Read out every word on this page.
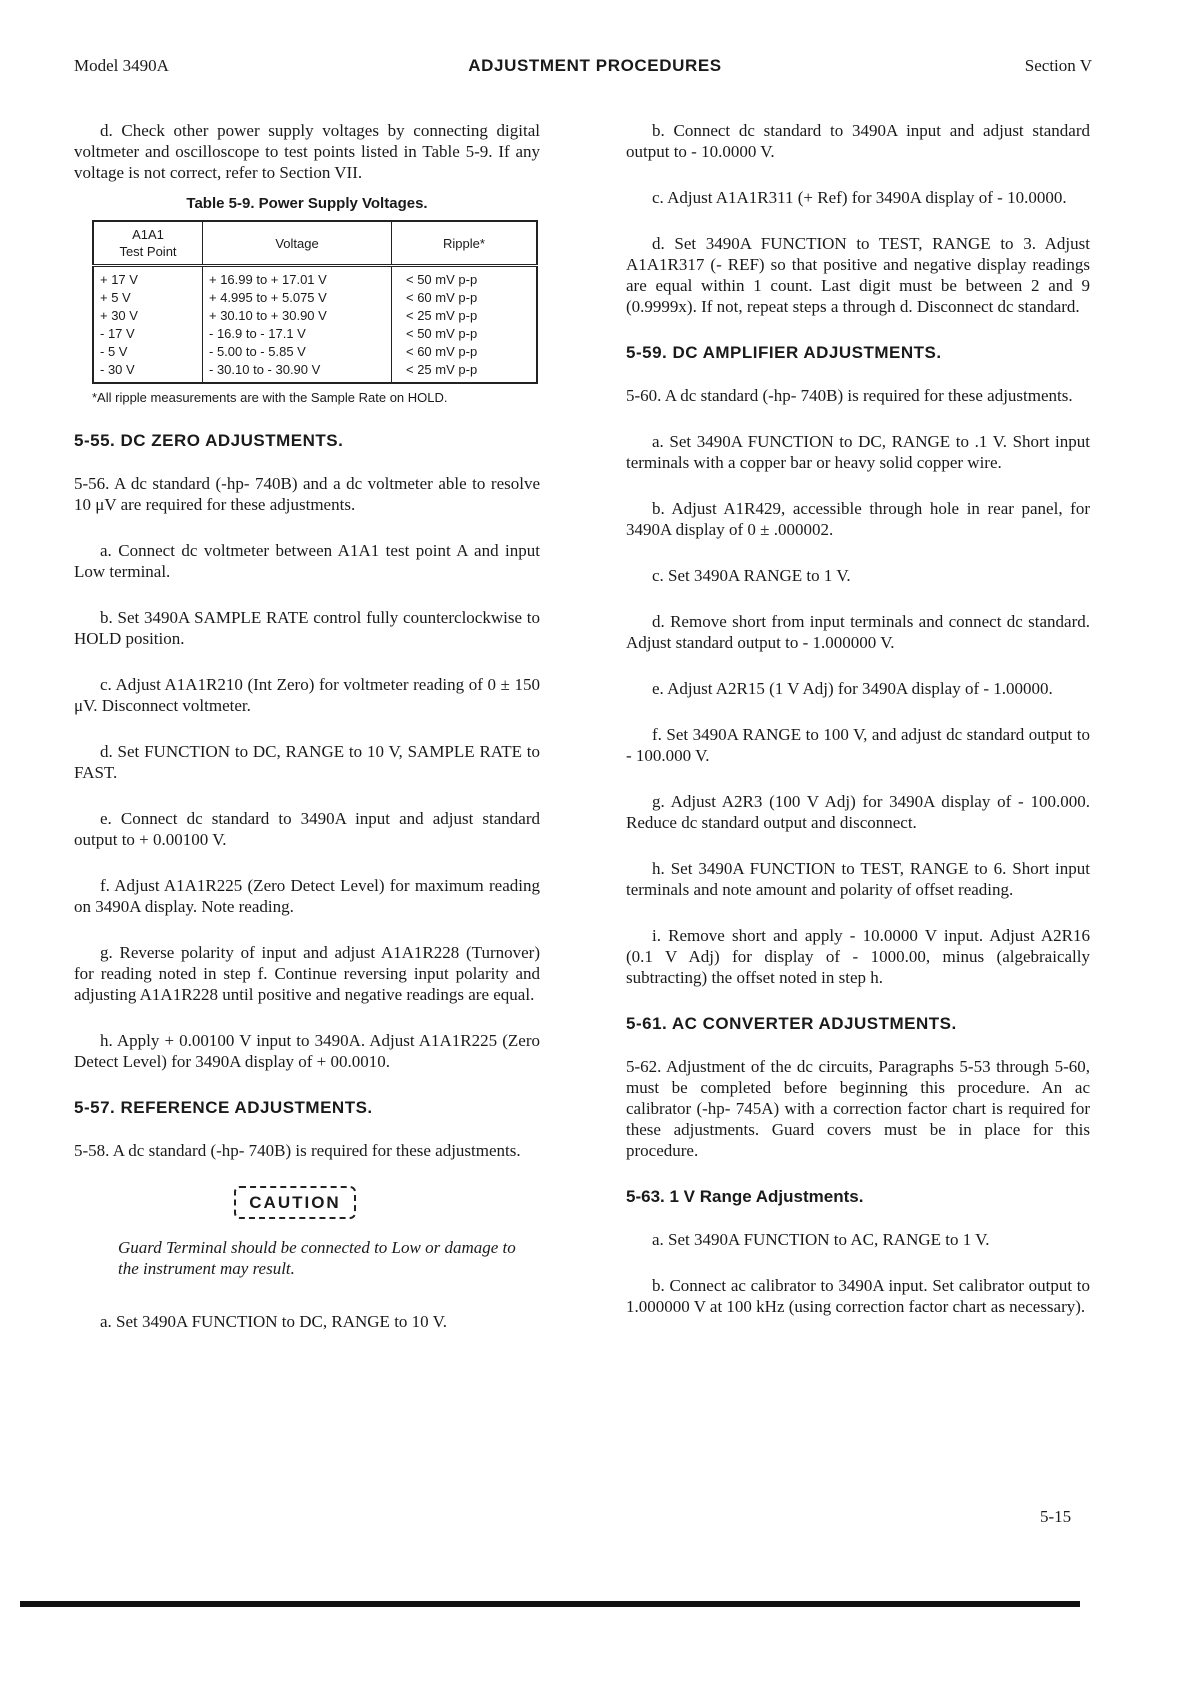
Model 3490A	ADJUSTMENT PROCEDURES	Section V
d. Check other power supply voltages by connecting digital voltmeter and oscilloscope to test points listed in Table 5-9. If any voltage is not correct, refer to Section VII.
Table 5-9. Power Supply Voltages.
A1A1
Test Point	Voltage	Ripple*
+ 17 V	+ 16.99 to + 17.01 V	< 50 mV p-p
+ 5 V	+ 4.995 to + 5.075 V	< 60 mV p-p
+ 30 V	+ 30.10 to + 30.90 V	< 25 mV p-p
- 17 V	- 16.9 to - 17.1 V	< 50 mV p-p
- 5 V	- 5.00 to - 5.85 V	< 60 mV p-p
- 30 V	- 30.10 to - 30.90 V	< 25 mV p-p
*All ripple measurements are with the Sample Rate on HOLD.
5-55. DC ZERO ADJUSTMENTS.
5-56. A dc standard (-hp- 740B) and a dc voltmeter able to resolve 10 μV are required for these adjustments.
a. Connect dc voltmeter between A1A1 test point A and input Low terminal.
b. Set 3490A SAMPLE RATE control fully counterclockwise to HOLD position.
c. Adjust A1A1R210 (Int Zero) for voltmeter reading of 0 ± 150 μV. Disconnect voltmeter.
d. Set FUNCTION to DC, RANGE to 10 V, SAMPLE RATE to FAST.
e. Connect dc standard to 3490A input and adjust standard output to + 0.00100 V.
f. Adjust A1A1R225 (Zero Detect Level) for maximum reading on 3490A display. Note reading.
g. Reverse polarity of input and adjust A1A1R228 (Turnover) for reading noted in step f. Continue reversing input polarity and adjusting A1A1R228 until positive and negative readings are equal.
h. Apply + 0.00100 V input to 3490A. Adjust A1A1R225 (Zero Detect Level) for 3490A display of + 00.0010.
5-57. REFERENCE ADJUSTMENTS.
5-58. A dc standard (-hp- 740B) is required for these adjustments.
CAUTION
Guard Terminal should be connected to Low or damage to the instrument may result.
a. Set 3490A FUNCTION to DC, RANGE to 10 V.
b. Connect dc standard to 3490A input and adjust standard output to - 10.0000 V.
c. Adjust A1A1R311 (+ Ref) for 3490A display of - 10.0000.
d. Set 3490A FUNCTION to TEST, RANGE to 3. Adjust A1A1R317 (- REF) so that positive and negative display readings are equal within 1 count. Last digit must be between 2 and 9 (0.9999x). If not, repeat steps a through d. Disconnect dc standard.
5-59. DC AMPLIFIER ADJUSTMENTS.
5-60. A dc standard (-hp- 740B) is required for these adjustments.
a. Set 3490A FUNCTION to DC, RANGE to .1 V. Short input terminals with a copper bar or heavy solid copper wire.
b. Adjust A1R429, accessible through hole in rear panel, for 3490A display of 0 ± .000002.
c. Set 3490A RANGE to 1 V.
d. Remove short from input terminals and connect dc standard. Adjust standard output to - 1.000000 V.
e. Adjust A2R15 (1 V Adj) for 3490A display of - 1.00000.
f. Set 3490A RANGE to 100 V, and adjust dc standard output to - 100.000 V.
g. Adjust A2R3 (100 V Adj) for 3490A display of - 100.000. Reduce dc standard output and disconnect.
h. Set 3490A FUNCTION to TEST, RANGE to 6. Short input terminals and note amount and polarity of offset reading.
i. Remove short and apply - 10.0000 V input. Adjust A2R16 (0.1 V Adj) for display of - 1000.00, minus (algebraically subtracting) the offset noted in step h.
5-61. AC CONVERTER ADJUSTMENTS.
5-62. Adjustment of the dc circuits, Paragraphs 5-53 through 5-60, must be completed before beginning this procedure. An ac calibrator (-hp- 745A) with a correction factor chart is required for these adjustments. Guard covers must be in place for this procedure.
5-63. 1 V Range Adjustments.
a. Set 3490A FUNCTION to AC, RANGE to 1 V.
b. Connect ac calibrator to 3490A input. Set calibrator output to 1.000000 V at 100 kHz (using correction factor chart as necessary).
5-15
